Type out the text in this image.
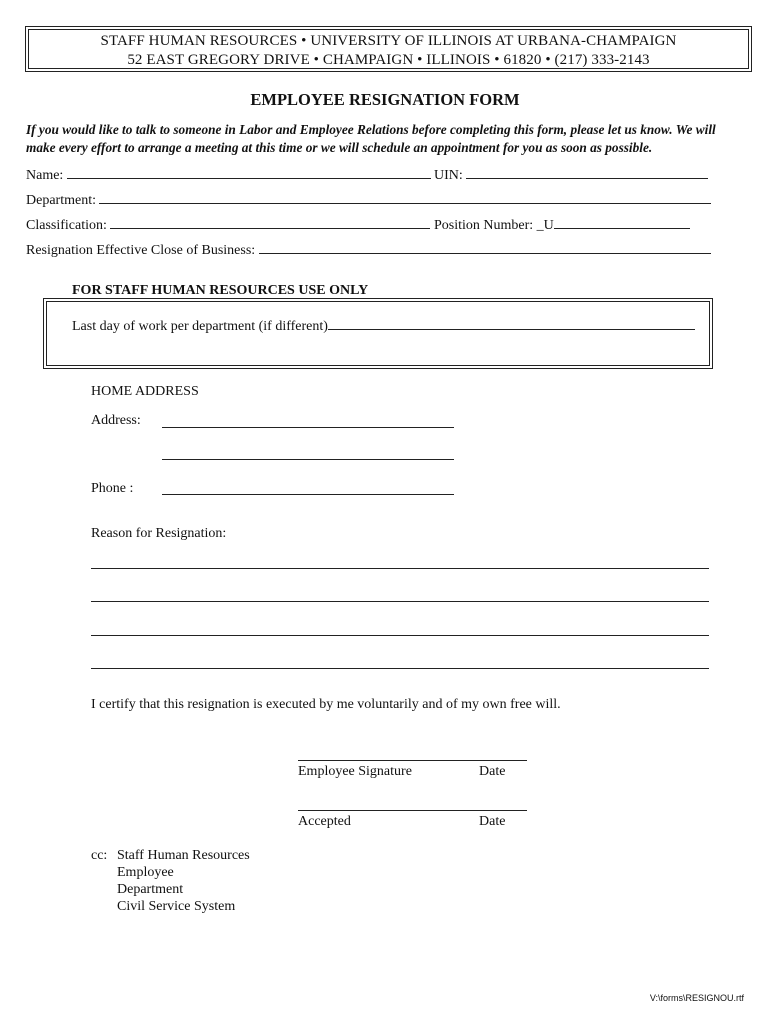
STAFF HUMAN RESOURCES • UNIVERSITY OF ILLINOIS AT URBANA-CHAMPAIGN
52 EAST GREGORY DRIVE • CHAMPAIGN • ILLINOIS • 61820 • (217) 333-2143
EMPLOYEE RESIGNATION FORM
If you would like to talk to someone in Labor and Employee Relations before completing this form, please let us know. We will make every effort to arrange a meeting at this time or we will schedule an appointment for you as soon as possible.
Name:	UIN:
Department:
Classification:	Position Number: _U
Resignation Effective Close of Business:
FOR STAFF HUMAN RESOURCES USE ONLY
Last day of work per department (if different)
HOME ADDRESS
Address:
Phone :
Reason for Resignation:
I certify that this resignation is executed by me voluntarily and of my own free will.
Employee Signature	Date
Accepted	Date
cc: Staff Human Resources
Employee
Department
Civil Service System
V:\forms\RESIGNOU.rtf
